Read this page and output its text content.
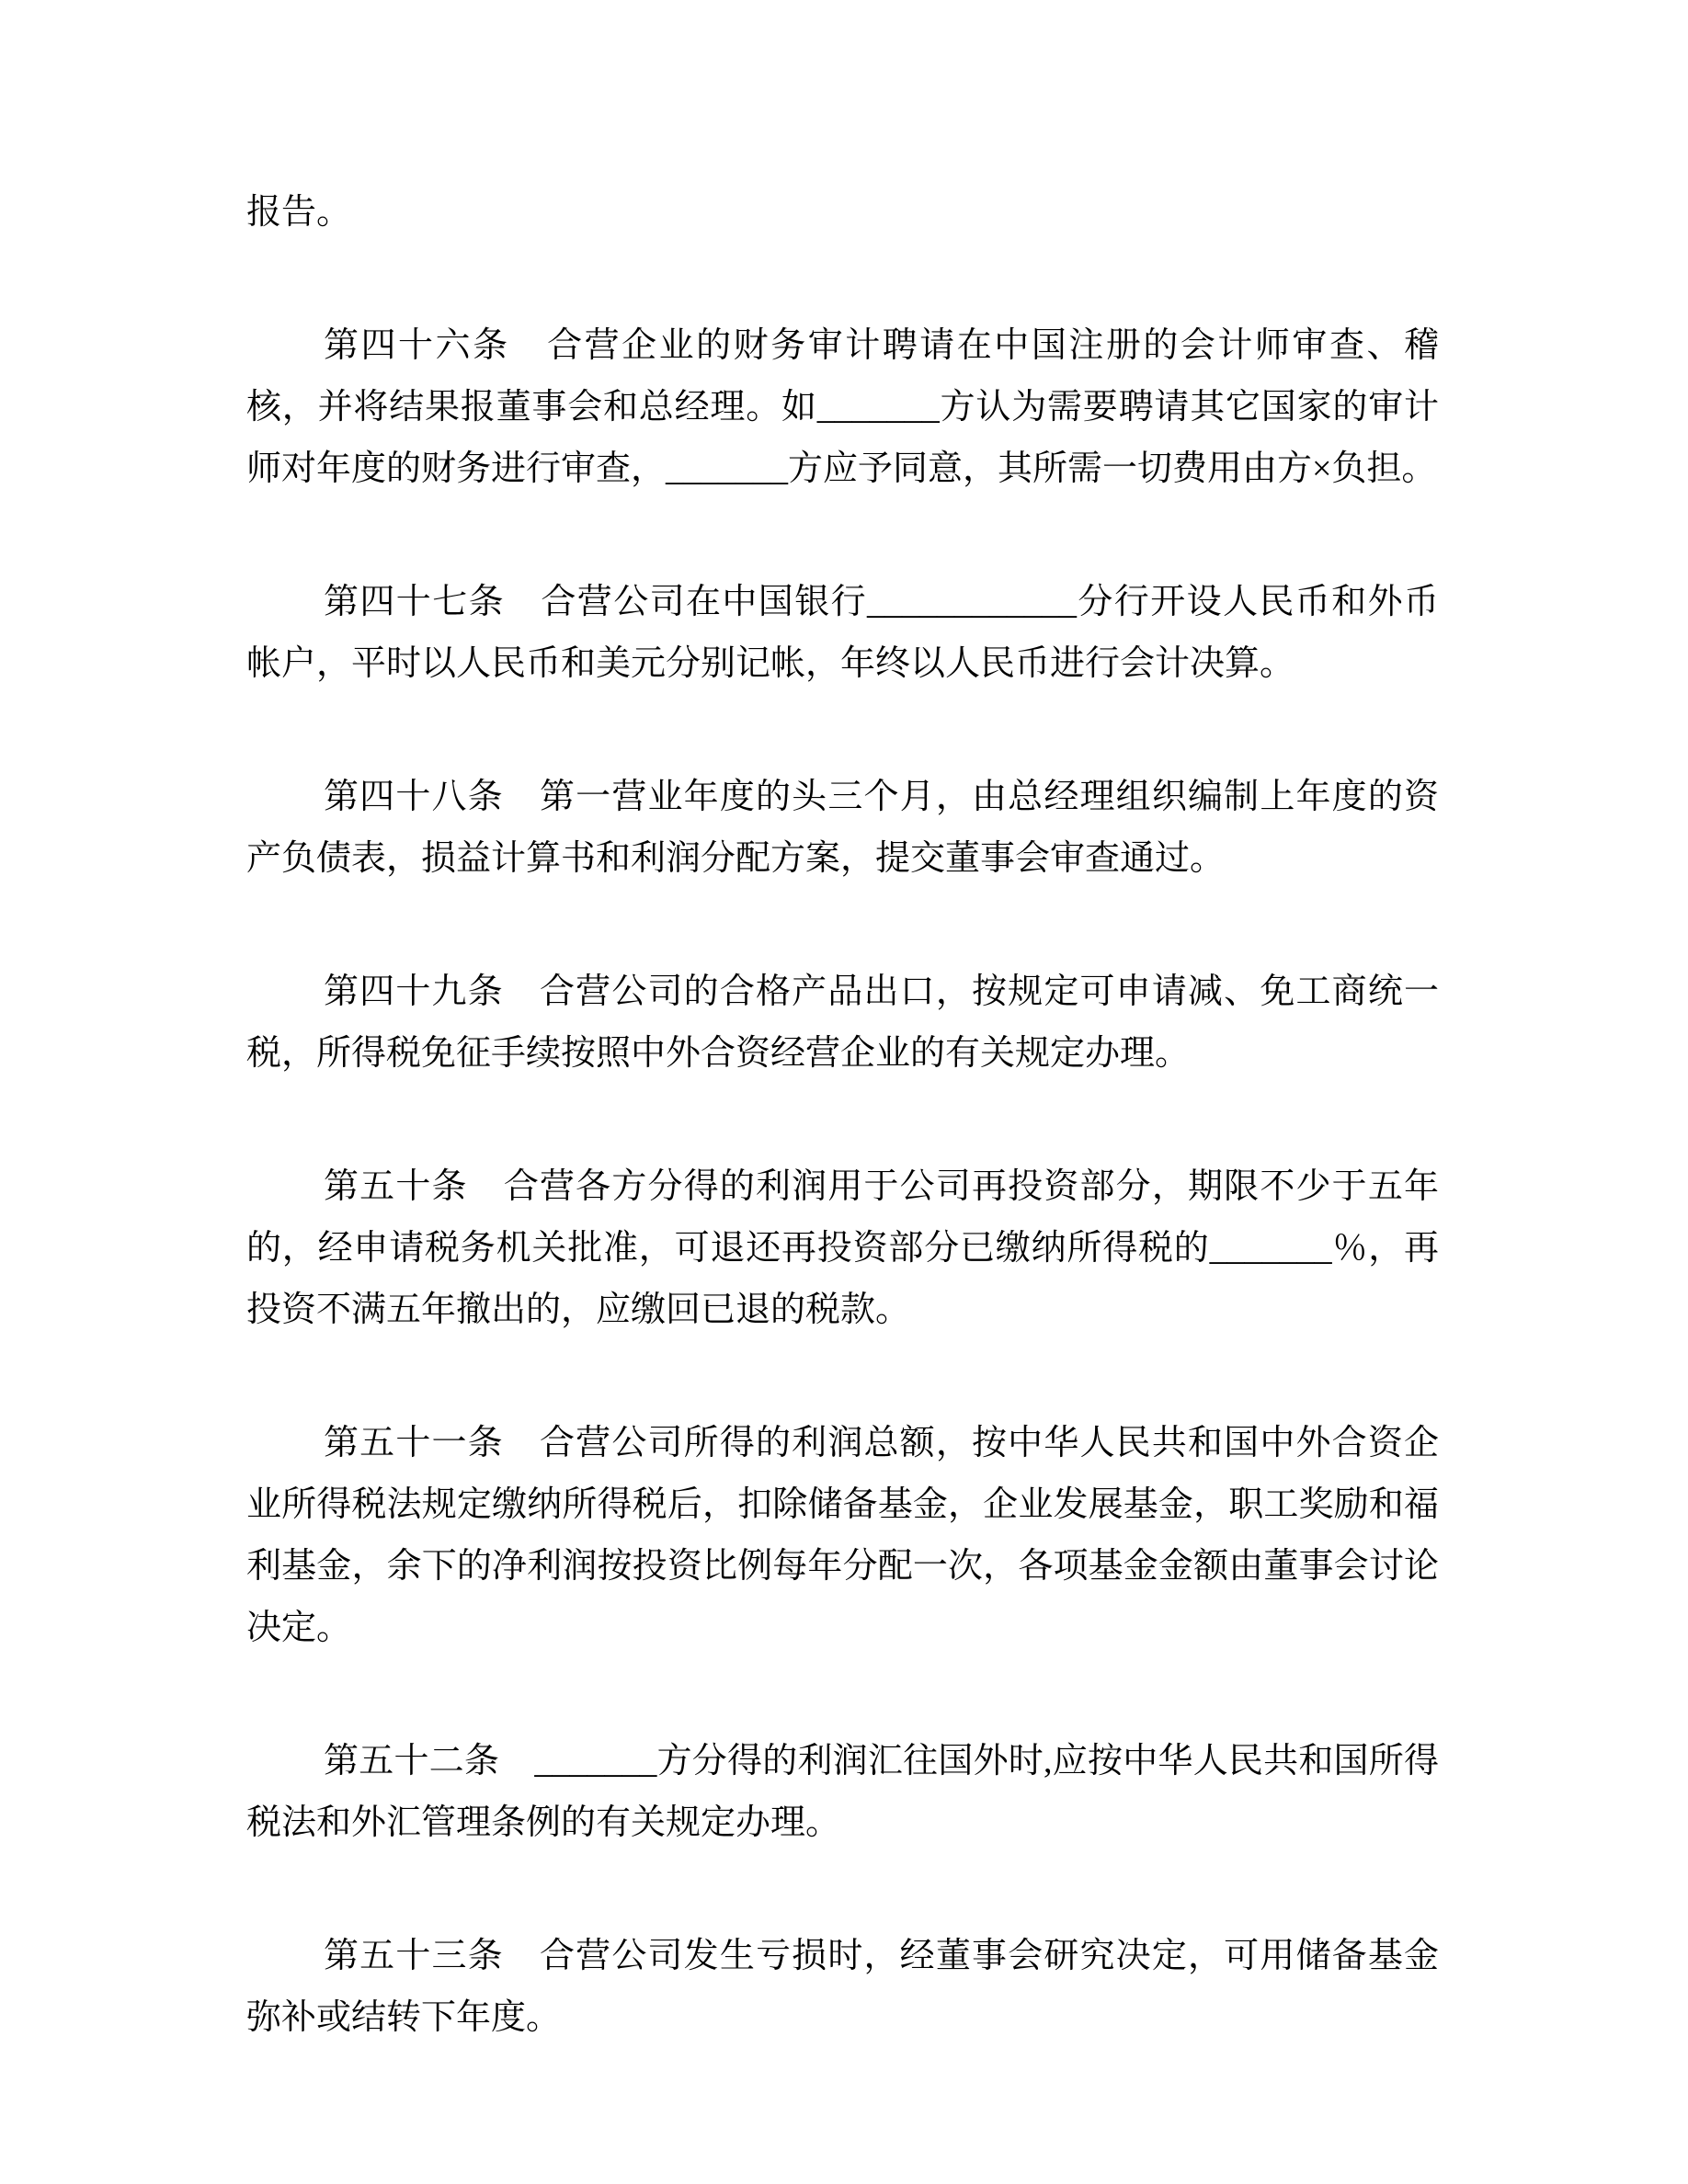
报告。

第四十六条　合营企业的财务审计聘请在中国注册的会计师审查、稽核，并将结果报董事会和总经理。如_______方认为需要聘请其它国家的审计师对年度的财务进行审查，_______方应予同意，其所需一切费用由方×负担。

第四十七条　合营公司在中国银行____________分行开设人民币和外币帐户，平时以人民币和美元分别记帐，年终以人民币进行会计决算。

第四十八条　第一营业年度的头三个月，由总经理组织编制上年度的资产负债表，损益计算书和利润分配方案，提交董事会审查通过。

第四十九条　合营公司的合格产品出口，按规定可申请减、免工商统一税，所得税免征手续按照中外合资经营企业的有关规定办理。

第五十条　合营各方分得的利润用于公司再投资部分，期限不少于五年的，经申请税务机关批准，可退还再投资部分已缴纳所得税的_______％，再投资不满五年撤出的，应缴回已退的税款。

第五十一条　合营公司所得的利润总额，按中华人民共和国中外合资企业所得税法规定缴纳所得税后，扣除储备基金，企业发展基金，职工奖励和福利基金，余下的净利润按投资比例每年分配一次，各项基金金额由董事会讨论决定。

第五十二条　_______方分得的利润汇往国外时,应按中华人民共和国所得税法和外汇管理条例的有关规定办理。

第五十三条　合营公司发生亏损时，经董事会研究决定，可用储备基金弥补或结转下年度。
